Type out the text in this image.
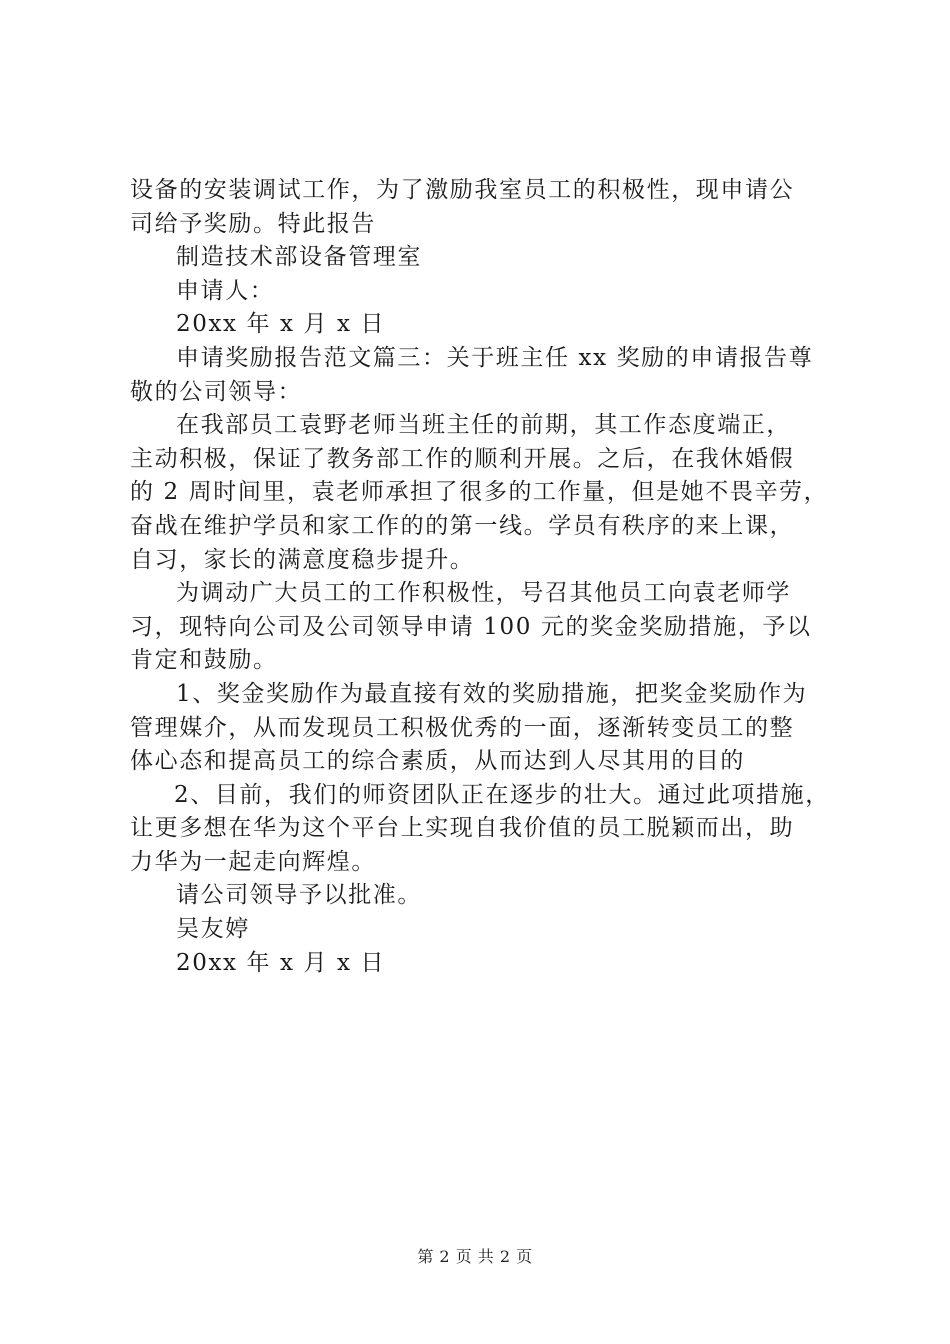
设备的安装调试工作，为了激励我室员工的积极性，现申请公
司给予奖励。特此报告
制造技术部设备管理室
申请人：
20xx 年 x 月 x 日
申请奖励报告范文篇三：关于班主任 xx 奖励的申请报告尊
敬的公司领导：
在我部员工袁野老师当班主任的前期，其工作态度端正，
主动积极，保证了教务部工作的顺利开展。之后，在我休婚假
的 2 周时间里，袁老师承担了很多的工作量，但是她不畏辛劳，
奋战在维护学员和家工作的的第一线。学员有秩序的来上课，
自习，家长的满意度稳步提升。
为调动广大员工的工作积极性，号召其他员工向袁老师学
习，现特向公司及公司领导申请 100 元的奖金奖励措施，予以
肯定和鼓励。
1、奖金奖励作为最直接有效的奖励措施，把奖金奖励作为
管理媒介，从而发现员工积极优秀的一面，逐渐转变员工的整
体心态和提高员工的综合素质，从而达到人尽其用的目的
2、目前，我们的师资团队正在逐步的壮大。通过此项措施，
让更多想在华为这个平台上实现自我价值的员工脱颖而出，助
力华为一起走向辉煌。
请公司领导予以批准。
吴友婷
20xx 年 x 月 x 日
第 2 页 共 2 页
